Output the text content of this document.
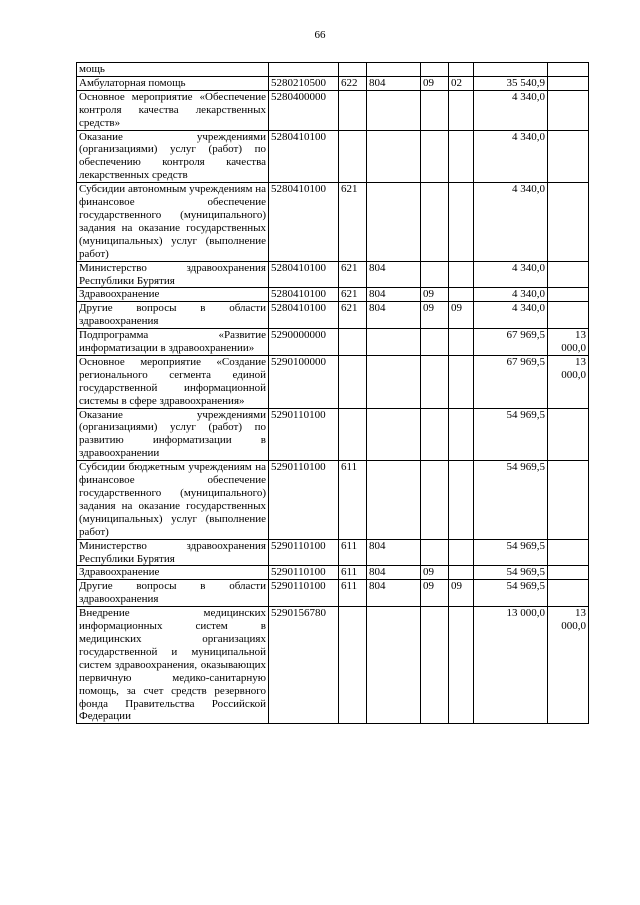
66
мощь							
Амбулаторная помощь	5280210500	622	804	09	02	35 540,9	
Основное мероприятие «Обеспечение контроля качества лекарственных средств»	5280400000					4 340,0	
Оказание учреждениями (организациями) услуг (работ) по обеспечению контроля качества лекарственных средств	5280410100					4 340,0	
Субсидии автономным учреждениям на финансовое обеспечение государственного (муниципального) задания на оказание государственных (муниципальных) услуг (выполнение работ)	5280410100	621				4 340,0	
Министерство здравоохранения Республики Бурятия	5280410100	621	804			4 340,0	
Здравоохранение	5280410100	621	804	09		4 340,0	
Другие вопросы в области здравоохранения	5280410100	621	804	09	09	4 340,0	
Подпрограмма «Развитие информатизации в здравоохранении»	5290000000					67 969,5	13 000,0
Основное мероприятие «Создание регионального сегмента единой государственной информационной системы в сфере здравоохранения»	5290100000					67 969,5	13 000,0
Оказание учреждениями (организациями) услуг (работ) по развитию информатизации в здравоохранении	5290110100					54 969,5	
Субсидии бюджетным учреждениям на финансовое обеспечение государственного (муниципального) задания на оказание государственных (муниципальных) услуг (выполнение работ)	5290110100	611				54 969,5	
Министерство здравоохранения Республики Бурятия	5290110100	611	804			54 969,5	
Здравоохранение	5290110100	611	804	09		54 969,5	
Другие вопросы в области здравоохранения	5290110100	611	804	09	09	54 969,5	
Внедрение медицинских информационных систем в медицинских организациях государственной и муниципальной систем здравоохранения, оказывающих первичную медико-санитарную помощь, за счет средств резервного фонда Правительства Российской Федерации	5290156780					13 000,0	13 000,0
